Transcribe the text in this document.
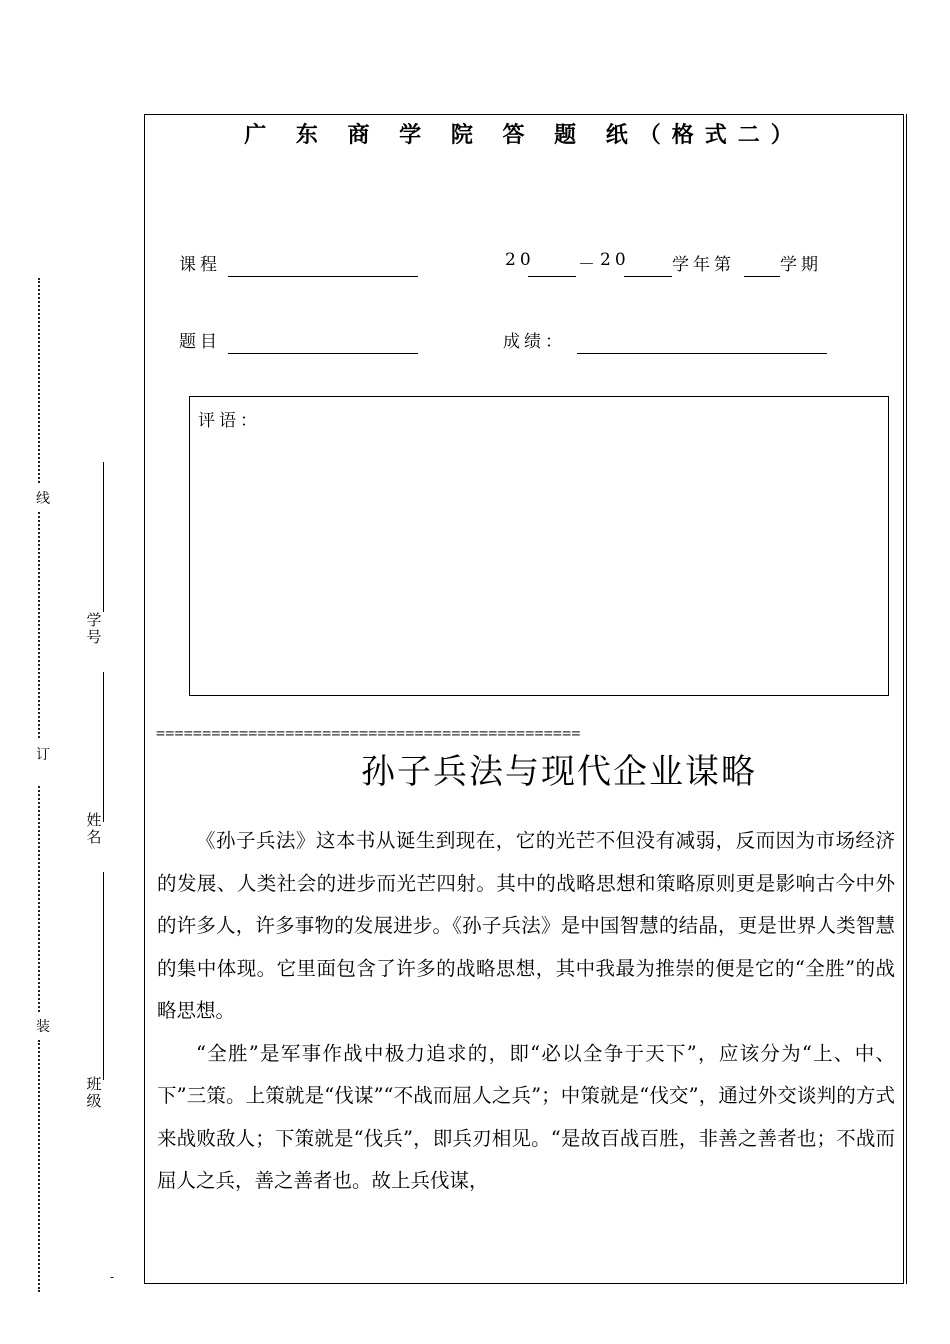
广 东 商 学 院 答 题 纸（格式二）
课程	20	－ 20 学年第	学期
题目	成绩：
评语：
==============================================
孙子兵法与现代企业谋略

《孙子兵法》这本书从诞生到现在，它的光芒不但没有减弱，反而因为市场经济的发展、人类社会的进步而光芒四射。其中的战略思想和策略原则更是影响古今中外的许多人，许多事物的发展进步。《孙子兵法》是中国智慧的结晶，更是世界人类智慧的集中体现。它里面包含了许多的战略思想，其中我最为推崇的便是它的“全胜”的战略思想。

“全胜”是军事作战中极力追求的，即“必以全争于天下”，应该分为“上、中、下”三策。上策就是“伐谋”“不战而屈人之兵”；中策就是“伐交”，通过外交谈判的方式来战败敌人；下策就是“伐兵”，即兵刃相见。“是故百战百胜，非善之善者也；不战而屈人之兵，善之善者也。故上兵伐谋，

线
订
装
学号
姓名
班级
-
